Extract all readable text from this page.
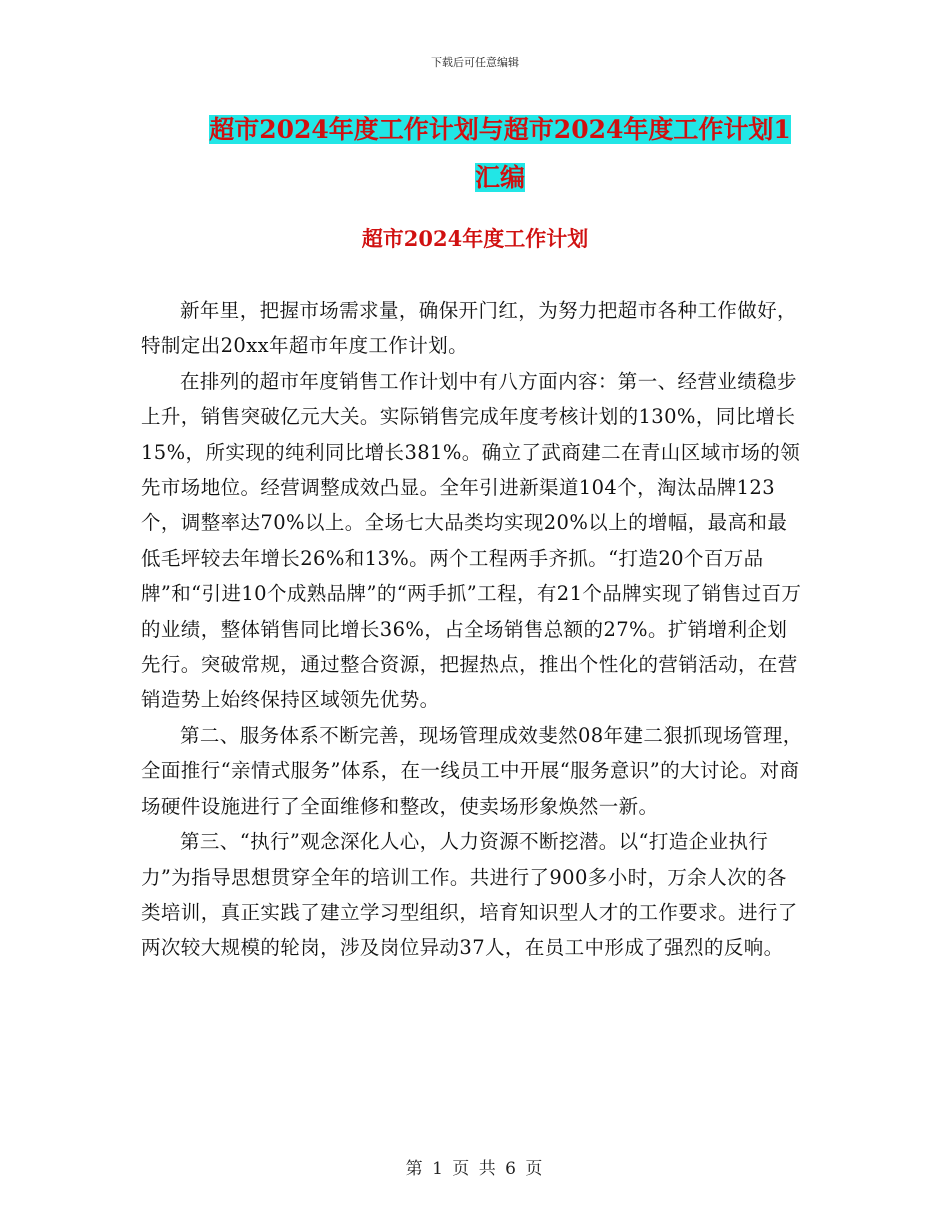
下载后可任意编辑
超市2024年度工作计划与超市2024年度工作计划1汇编
超市2024年度工作计划

新年里，把握市场需求量，确保开门红，为努力把超市各种工作做好，特制定出20xx年超市年度工作计划。

在排列的超市年度销售工作计划中有八方面内容：第一、经营业绩稳步上升，销售突破亿元大关。实际销售完成年度考核计划的130%，同比增长15%，所实现的纯利同比增长381%。确立了武商建二在青山区域市场的领先市场地位。经营调整成效凸显。全年引进新渠道104个，淘汰品牌123个，调整率达70%以上。全场七大品类均实现20%以上的增幅，最高和最低毛坪较去年增长26%和13%。两个工程两手齐抓。“打造20个百万品牌”和“引进10个成熟品牌”的“两手抓”工程，有21个品牌实现了销售过百万的业绩，整体销售同比增长36%，占全场销售总额的27%。扩销增利企划先行。突破常规，通过整合资源，把握热点，推出个性化的营销活动，在营销造势上始终保持区域领先优势。

第二、服务体系不断完善，现场管理成效斐然08年建二狠抓现场管理，全面推行“亲情式服务”体系，在一线员工中开展“服务意识”的大讨论。对商场硬件设施进行了全面维修和整改，使卖场形象焕然一新。

第三、“执行”观念深化人心，人力资源不断挖潜。以“打造企业执行力”为指导思想贯穿全年的培训工作。共进行了900多小时，万余人次的各类培训，真正实践了建立学习型组织，培育知识型人才的工作要求。进行了两次较大规模的轮岗，涉及岗位异动37人，在员工中形成了强烈的反响。

第 1 页 共 6 页
